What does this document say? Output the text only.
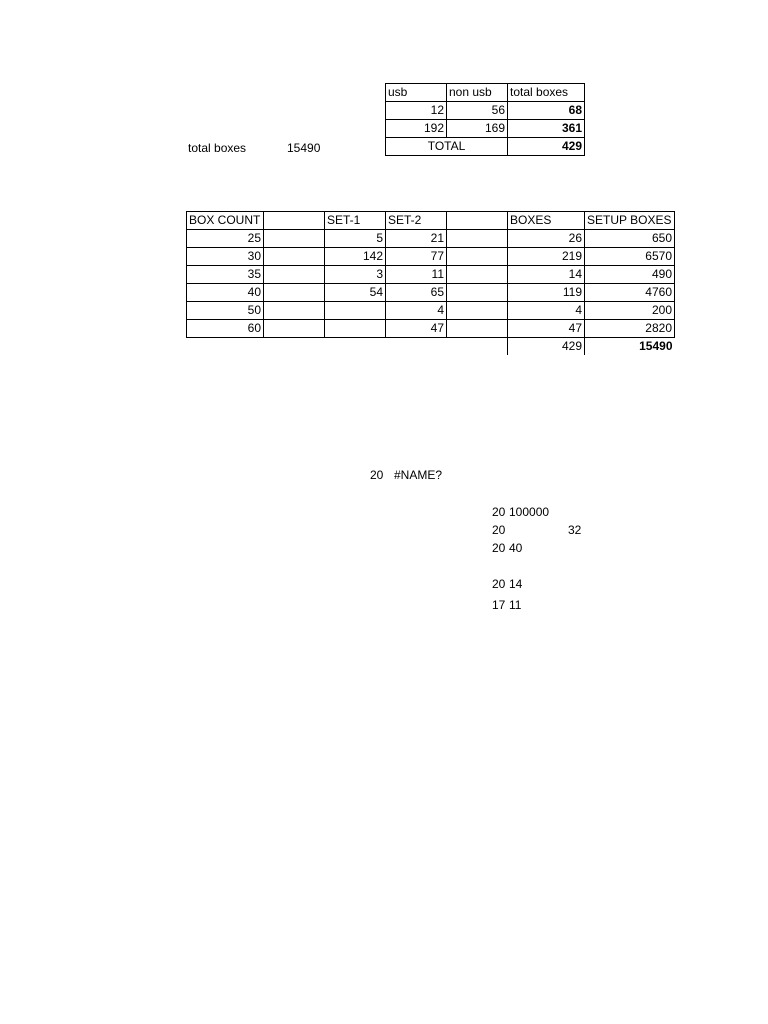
usb	non usb	total boxes
12	56	68
192	169	361
TOTAL		429
total boxes	15490
BOX COUNT		SET-1	SET-2		BOXES	SETUP BOXES
25		5	21		26	650
30		142	77		219	6570
35		3	11		14	490
40		54	65		119	4760
50			4		4	200
60			47		47	2820
					429	15490
20 #NAME?
20 100000
20	32
20 40
20 14
17 11
